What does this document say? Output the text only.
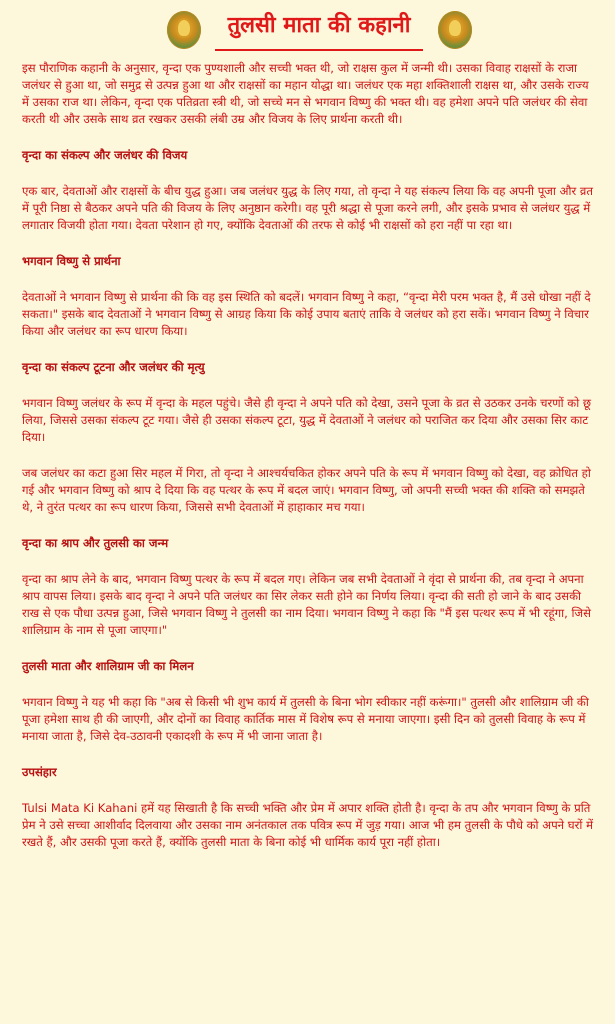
तुलसी माता की कहानी

इस पौराणिक कहानी के अनुसार, वृन्दा एक पुण्यशाली और सच्ची भक्त थी, जो राक्षस कुल में जन्मी थी। उसका विवाह राक्षसों के राजा जलंधर से हुआ था, जो समुद्र से उत्पन्न हुआ था और राक्षसों का महान योद्धा था। जलंधर एक महा शक्तिशाली राक्षस था, और उसके राज्य में उसका राज था। लेकिन, वृन्दा एक पतिव्रता स्त्री थी, जो सच्चे मन से भगवान विष्णु की भक्त थी। वह हमेशा अपने पति जलंधर की सेवा करती थी और उसके साथ व्रत रखकर उसकी लंबी उम्र और विजय के लिए प्रार्थना करती थी।

वृन्दा का संकल्प और जलंधर की विजय

एक बार, देवताओं और राक्षसों के बीच युद्ध हुआ। जब जलंधर युद्ध के लिए गया, तो वृन्दा ने यह संकल्प लिया कि वह अपनी पूजा और व्रत में पूरी निष्ठा से बैठकर अपने पति की विजय के लिए अनुष्ठान करेगी। वह पूरी श्रद्धा से पूजा करने लगी, और इसके प्रभाव से जलंधर युद्ध में लगातार विजयी होता गया। देवता परेशान हो गए, क्योंकि देवताओं की तरफ से कोई भी राक्षसों को हरा नहीं पा रहा था।

भगवान विष्णु से प्रार्थना

देवताओं ने भगवान विष्णु से प्रार्थना की कि वह इस स्थिति को बदलें। भगवान विष्णु ने कहा, “वृन्दा मेरी परम भक्त है, मैं उसे धोखा नहीं दे सकता।" इसके बाद देवताओं ने भगवान विष्णु से आग्रह किया कि कोई उपाय बताएं ताकि वे जलंधर को हरा सकें। भगवान विष्णु ने विचार किया और जलंधर का रूप धारण किया।

वृन्दा का संकल्प टूटना और जलंधर की मृत्यु

भगवान विष्णु जलंधर के रूप में वृन्दा के महल पहुंचे। जैसे ही वृन्दा ने अपने पति को देखा, उसने पूजा के व्रत से उठकर उनके चरणों को छू लिया, जिससे उसका संकल्प टूट गया। जैसे ही उसका संकल्प टूटा, युद्ध में देवताओं ने जलंधर को पराजित कर दिया और उसका सिर काट दिया।

जब जलंधर का कटा हुआ सिर महल में गिरा, तो वृन्दा ने आश्चर्यचकित होकर अपने पति के रूप में भगवान विष्णु को देखा, वह क्रोधित हो गई और भगवान विष्णु को श्राप दे दिया कि वह पत्थर के रूप में बदल जाएं। भगवान विष्णु, जो अपनी सच्ची भक्त की शक्ति को समझते थे, ने तुरंत पत्थर का रूप धारण किया, जिससे सभी देवताओं में हाहाकार मच गया।

वृन्दा का श्राप और तुलसी का जन्म

वृन्दा का श्राप लेने के बाद, भगवान विष्णु पत्थर के रूप में बदल गए। लेकिन जब सभी देवताओं ने वृंदा से प्रार्थना की, तब वृन्दा ने अपना श्राप वापस लिया। इसके बाद वृन्दा ने अपने पति जलंधर का सिर लेकर सती होने का निर्णय लिया। वृन्दा की सती हो जाने के बाद उसकी राख से एक पौधा उत्पन्न हुआ, जिसे भगवान विष्णु ने तुलसी का नाम दिया। भगवान विष्णु ने कहा कि "मैं इस पत्थर रूप में भी रहूंगा, जिसे शालिग्राम के नाम से पूजा जाएगा।"

तुलसी माता और शालिग्राम जी का मिलन

भगवान विष्णु ने यह भी कहा कि "अब से किसी भी शुभ कार्य में तुलसी के बिना भोग स्वीकार नहीं करूंगा।" तुलसी और शालिग्राम जी की पूजा हमेशा साथ ही की जाएगी, और दोनों का विवाह कार्तिक मास में विशेष रूप से मनाया जाएगा। इसी दिन को तुलसी विवाह के रूप में मनाया जाता है, जिसे देव-उठावनी एकादशी के रूप में भी जाना जाता है।

उपसंहार

Tulsi Mata Ki Kahani हमें यह सिखाती है कि सच्ची भक्ति और प्रेम में अपार शक्ति होती है। वृन्दा के तप और भगवान विष्णु के प्रति प्रेम ने उसे सच्चा आशीर्वाद दिलवाया और उसका नाम अनंतकाल तक पवित्र रूप में जुड़ गया। आज भी हम तुलसी के पौधे को अपने घरों में रखते हैं, और उसकी पूजा करते हैं, क्योंकि तुलसी माता के बिना कोई भी धार्मिक कार्य पूरा नहीं होता।
